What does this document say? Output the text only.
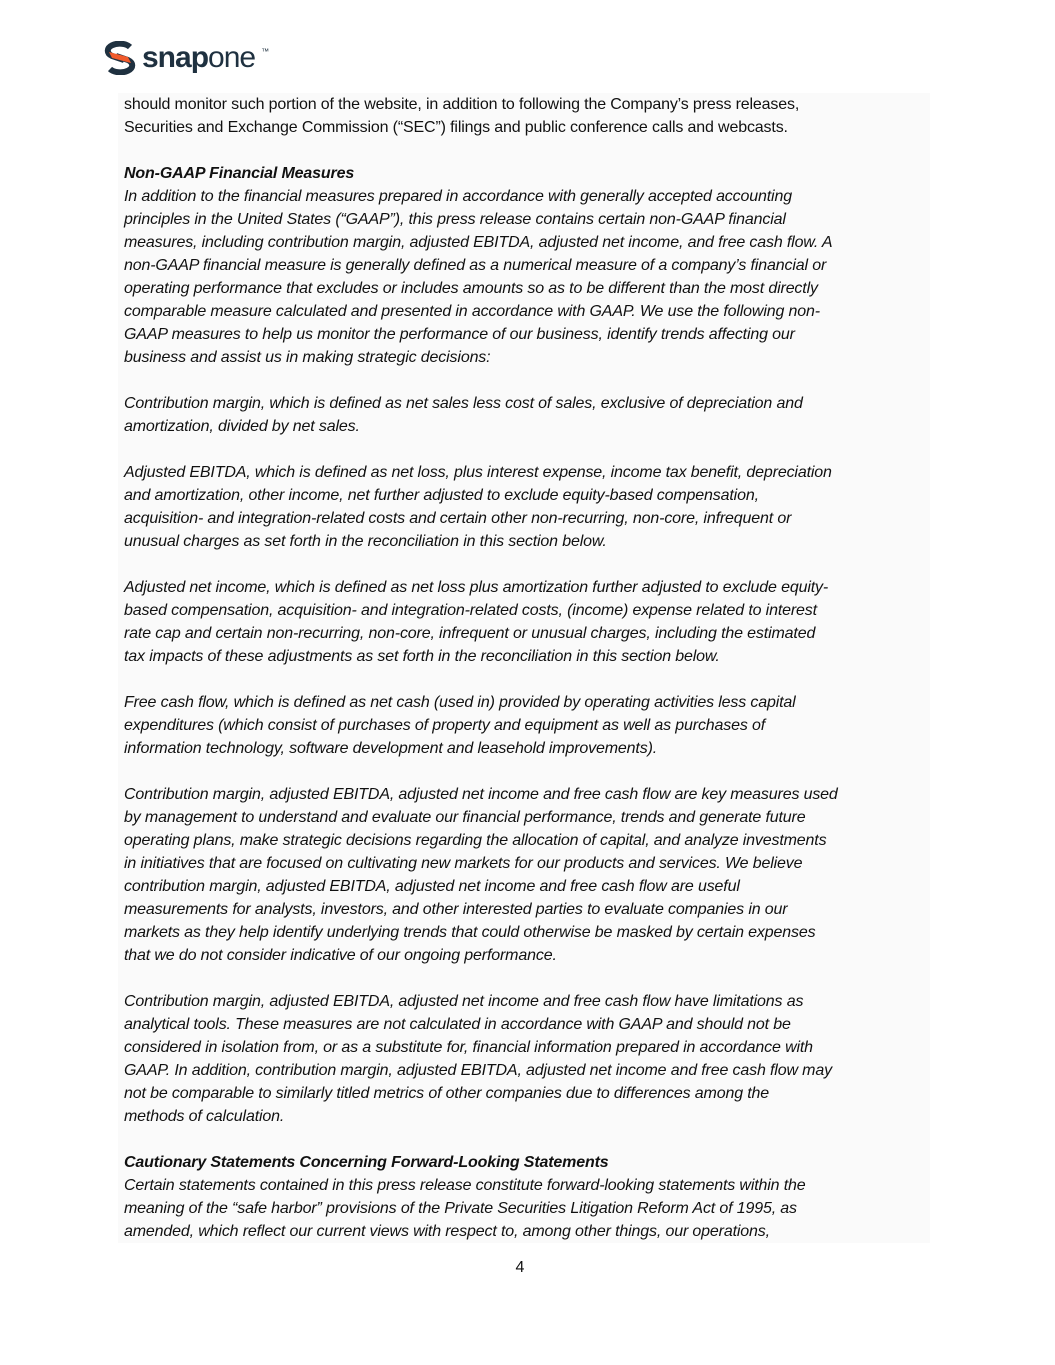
snapone ™
should monitor such portion of the website, in addition to following the Company’s press releases,
Securities and Exchange Commission (“SEC”) filings and public conference calls and webcasts.
Non-GAAP Financial Measures
In addition to the financial measures prepared in accordance with generally accepted accounting
principles in the United States (“GAAP”), this press release contains certain non-GAAP financial
measures, including contribution margin, adjusted EBITDA, adjusted net income, and free cash flow. A
non-GAAP financial measure is generally defined as a numerical measure of a company’s financial or
operating performance that excludes or includes amounts so as to be different than the most directly
comparable measure calculated and presented in accordance with GAAP. We use the following non-
GAAP measures to help us monitor the performance of our business, identify trends affecting our
business and assist us in making strategic decisions:
Contribution margin, which is defined as net sales less cost of sales, exclusive of depreciation and
amortization, divided by net sales.
Adjusted EBITDA, which is defined as net loss, plus interest expense, income tax benefit, depreciation
and amortization, other income, net further adjusted to exclude equity-based compensation,
acquisition- and integration-related costs and certain other non-recurring, non-core, infrequent or
unusual charges as set forth in the reconciliation in this section below.
Adjusted net income, which is defined as net loss plus amortization further adjusted to exclude equity-
based compensation, acquisition- and integration-related costs, (income) expense related to interest
rate cap and certain non-recurring, non-core, infrequent or unusual charges, including the estimated
tax impacts of these adjustments as set forth in the reconciliation in this section below.
Free cash flow, which is defined as net cash (used in) provided by operating activities less capital
expenditures (which consist of purchases of property and equipment as well as purchases of
information technology, software development and leasehold improvements).
Contribution margin, adjusted EBITDA, adjusted net income and free cash flow are key measures used
by management to understand and evaluate our financial performance, trends and generate future
operating plans, make strategic decisions regarding the allocation of capital, and analyze investments
in initiatives that are focused on cultivating new markets for our products and services. We believe
contribution margin, adjusted EBITDA, adjusted net income and free cash flow are useful
measurements for analysts, investors, and other interested parties to evaluate companies in our
markets as they help identify underlying trends that could otherwise be masked by certain expenses
that we do not consider indicative of our ongoing performance.
Contribution margin, adjusted EBITDA, adjusted net income and free cash flow have limitations as
analytical tools. These measures are not calculated in accordance with GAAP and should not be
considered in isolation from, or as a substitute for, financial information prepared in accordance with
GAAP. In addition, contribution margin, adjusted EBITDA, adjusted net income and free cash flow may
not be comparable to similarly titled metrics of other companies due to differences among the
methods of calculation.
Cautionary Statements Concerning Forward-Looking Statements
Certain statements contained in this press release constitute forward-looking statements within the
meaning of the “safe harbor” provisions of the Private Securities Litigation Reform Act of 1995, as
amended, which reflect our current views with respect to, among other things, our operations,
4
